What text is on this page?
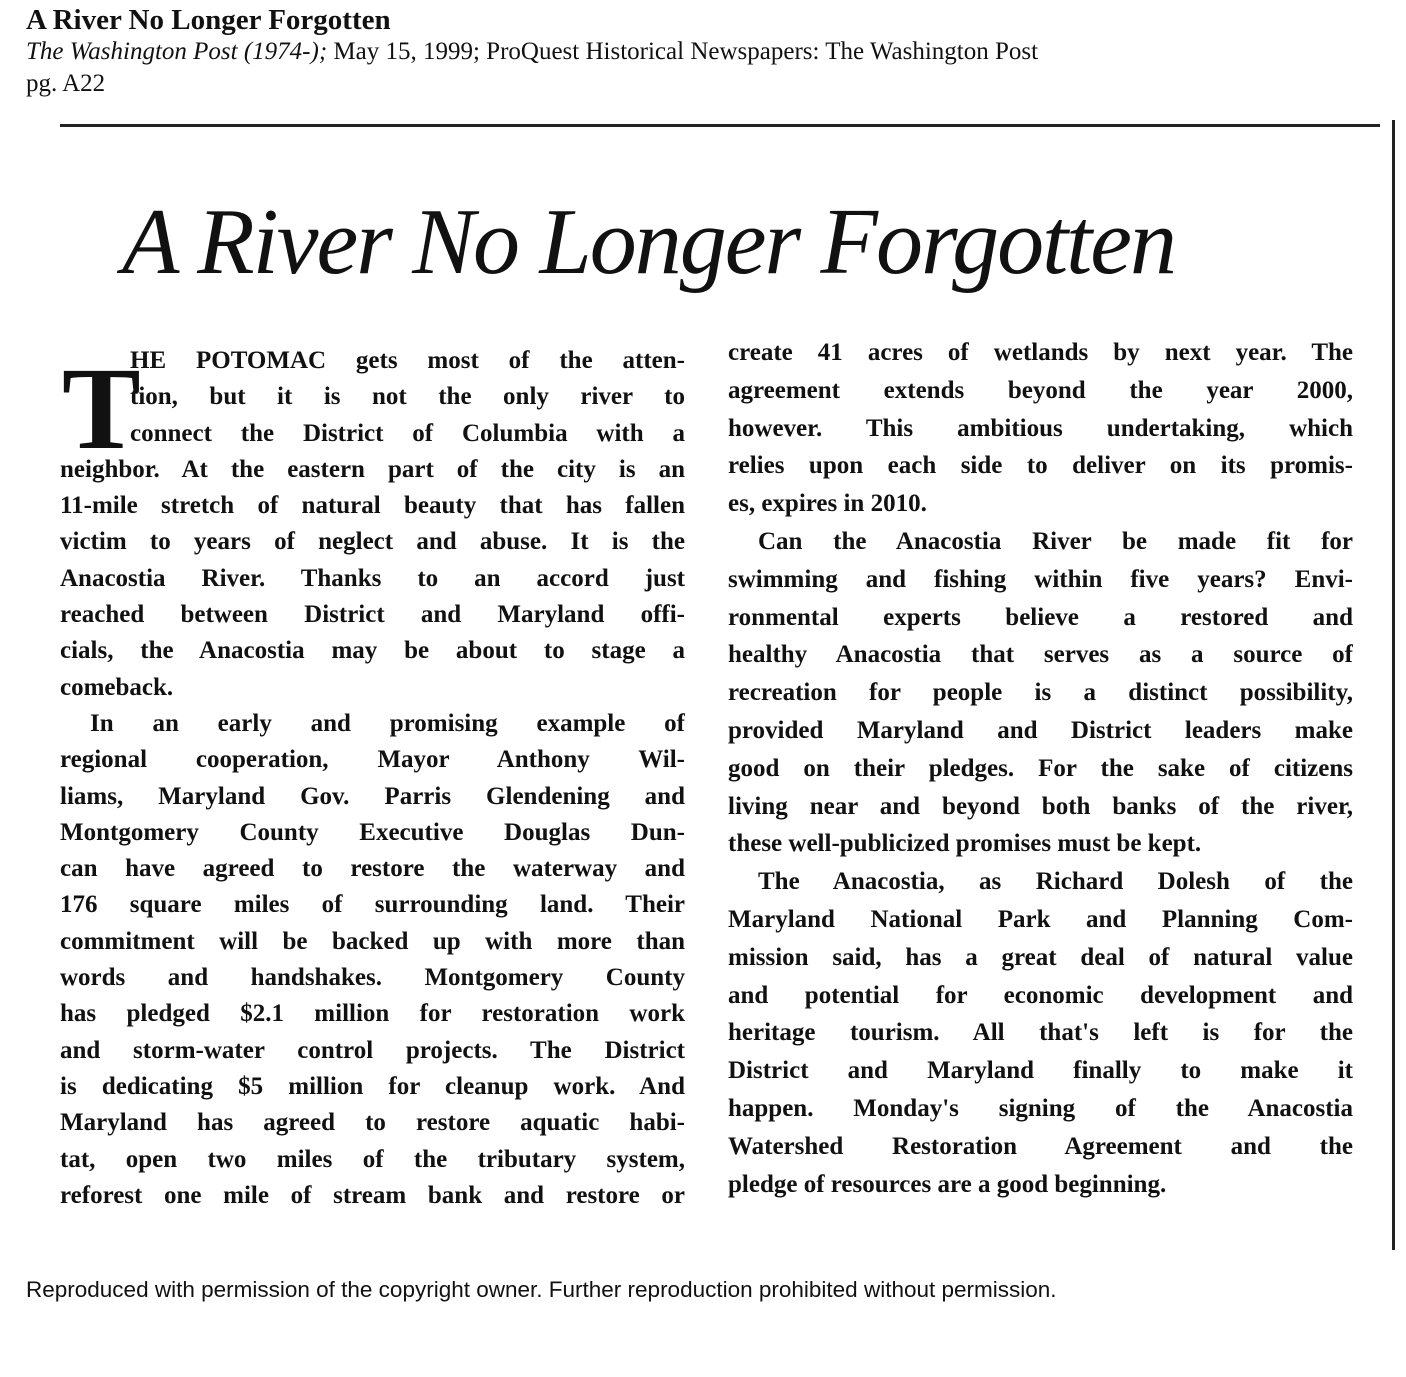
A River No Longer Forgotten
The Washington Post (1974-); May 15, 1999; ProQuest Historical Newspapers: The Washington Post
pg. A22
A River No Longer Forgotten
T
HE POTOMAC gets most of the atten-
tion, but it is not the only river to
connect the District of Columbia with a
neighbor. At the eastern part of the city is an
11-mile stretch of natural beauty that has fallen
victim to years of neglect and abuse. It is the
Anacostia River. Thanks to an accord just
reached between District and Maryland offi-
cials, the Anacostia may be about to stage a
comeback.
In an early and promising example of
regional cooperation, Mayor Anthony Wil-
liams, Maryland Gov. Parris Glendening and
Montgomery County Executive Douglas Dun-
can have agreed to restore the waterway and
176 square miles of surrounding land. Their
commitment will be backed up with more than
words and handshakes. Montgomery County
has pledged $2.1 million for restoration work
and storm-water control projects. The District
is dedicating $5 million for cleanup work. And
Maryland has agreed to restore aquatic habi-
tat, open two miles of the tributary system,
reforest one mile of stream bank and restore or
create 41 acres of wetlands by next year. The
agreement extends beyond the year 2000,
however. This ambitious undertaking, which
relies upon each side to deliver on its promis-
es, expires in 2010.
Can the Anacostia River be made fit for
swimming and fishing within five years? Envi-
ronmental experts believe a restored and
healthy Anacostia that serves as a source of
recreation for people is a distinct possibility,
provided Maryland and District leaders make
good on their pledges. For the sake of citizens
living near and beyond both banks of the river,
these well-publicized promises must be kept.
The Anacostia, as Richard Dolesh of the
Maryland National Park and Planning Com-
mission said, has a great deal of natural value
and potential for economic development and
heritage tourism. All that's left is for the
District and Maryland finally to make it
happen. Monday's signing of the Anacostia
Watershed Restoration Agreement and the
pledge of resources are a good beginning.
Reproduced with permission of the copyright owner. Further reproduction prohibited without permission.
